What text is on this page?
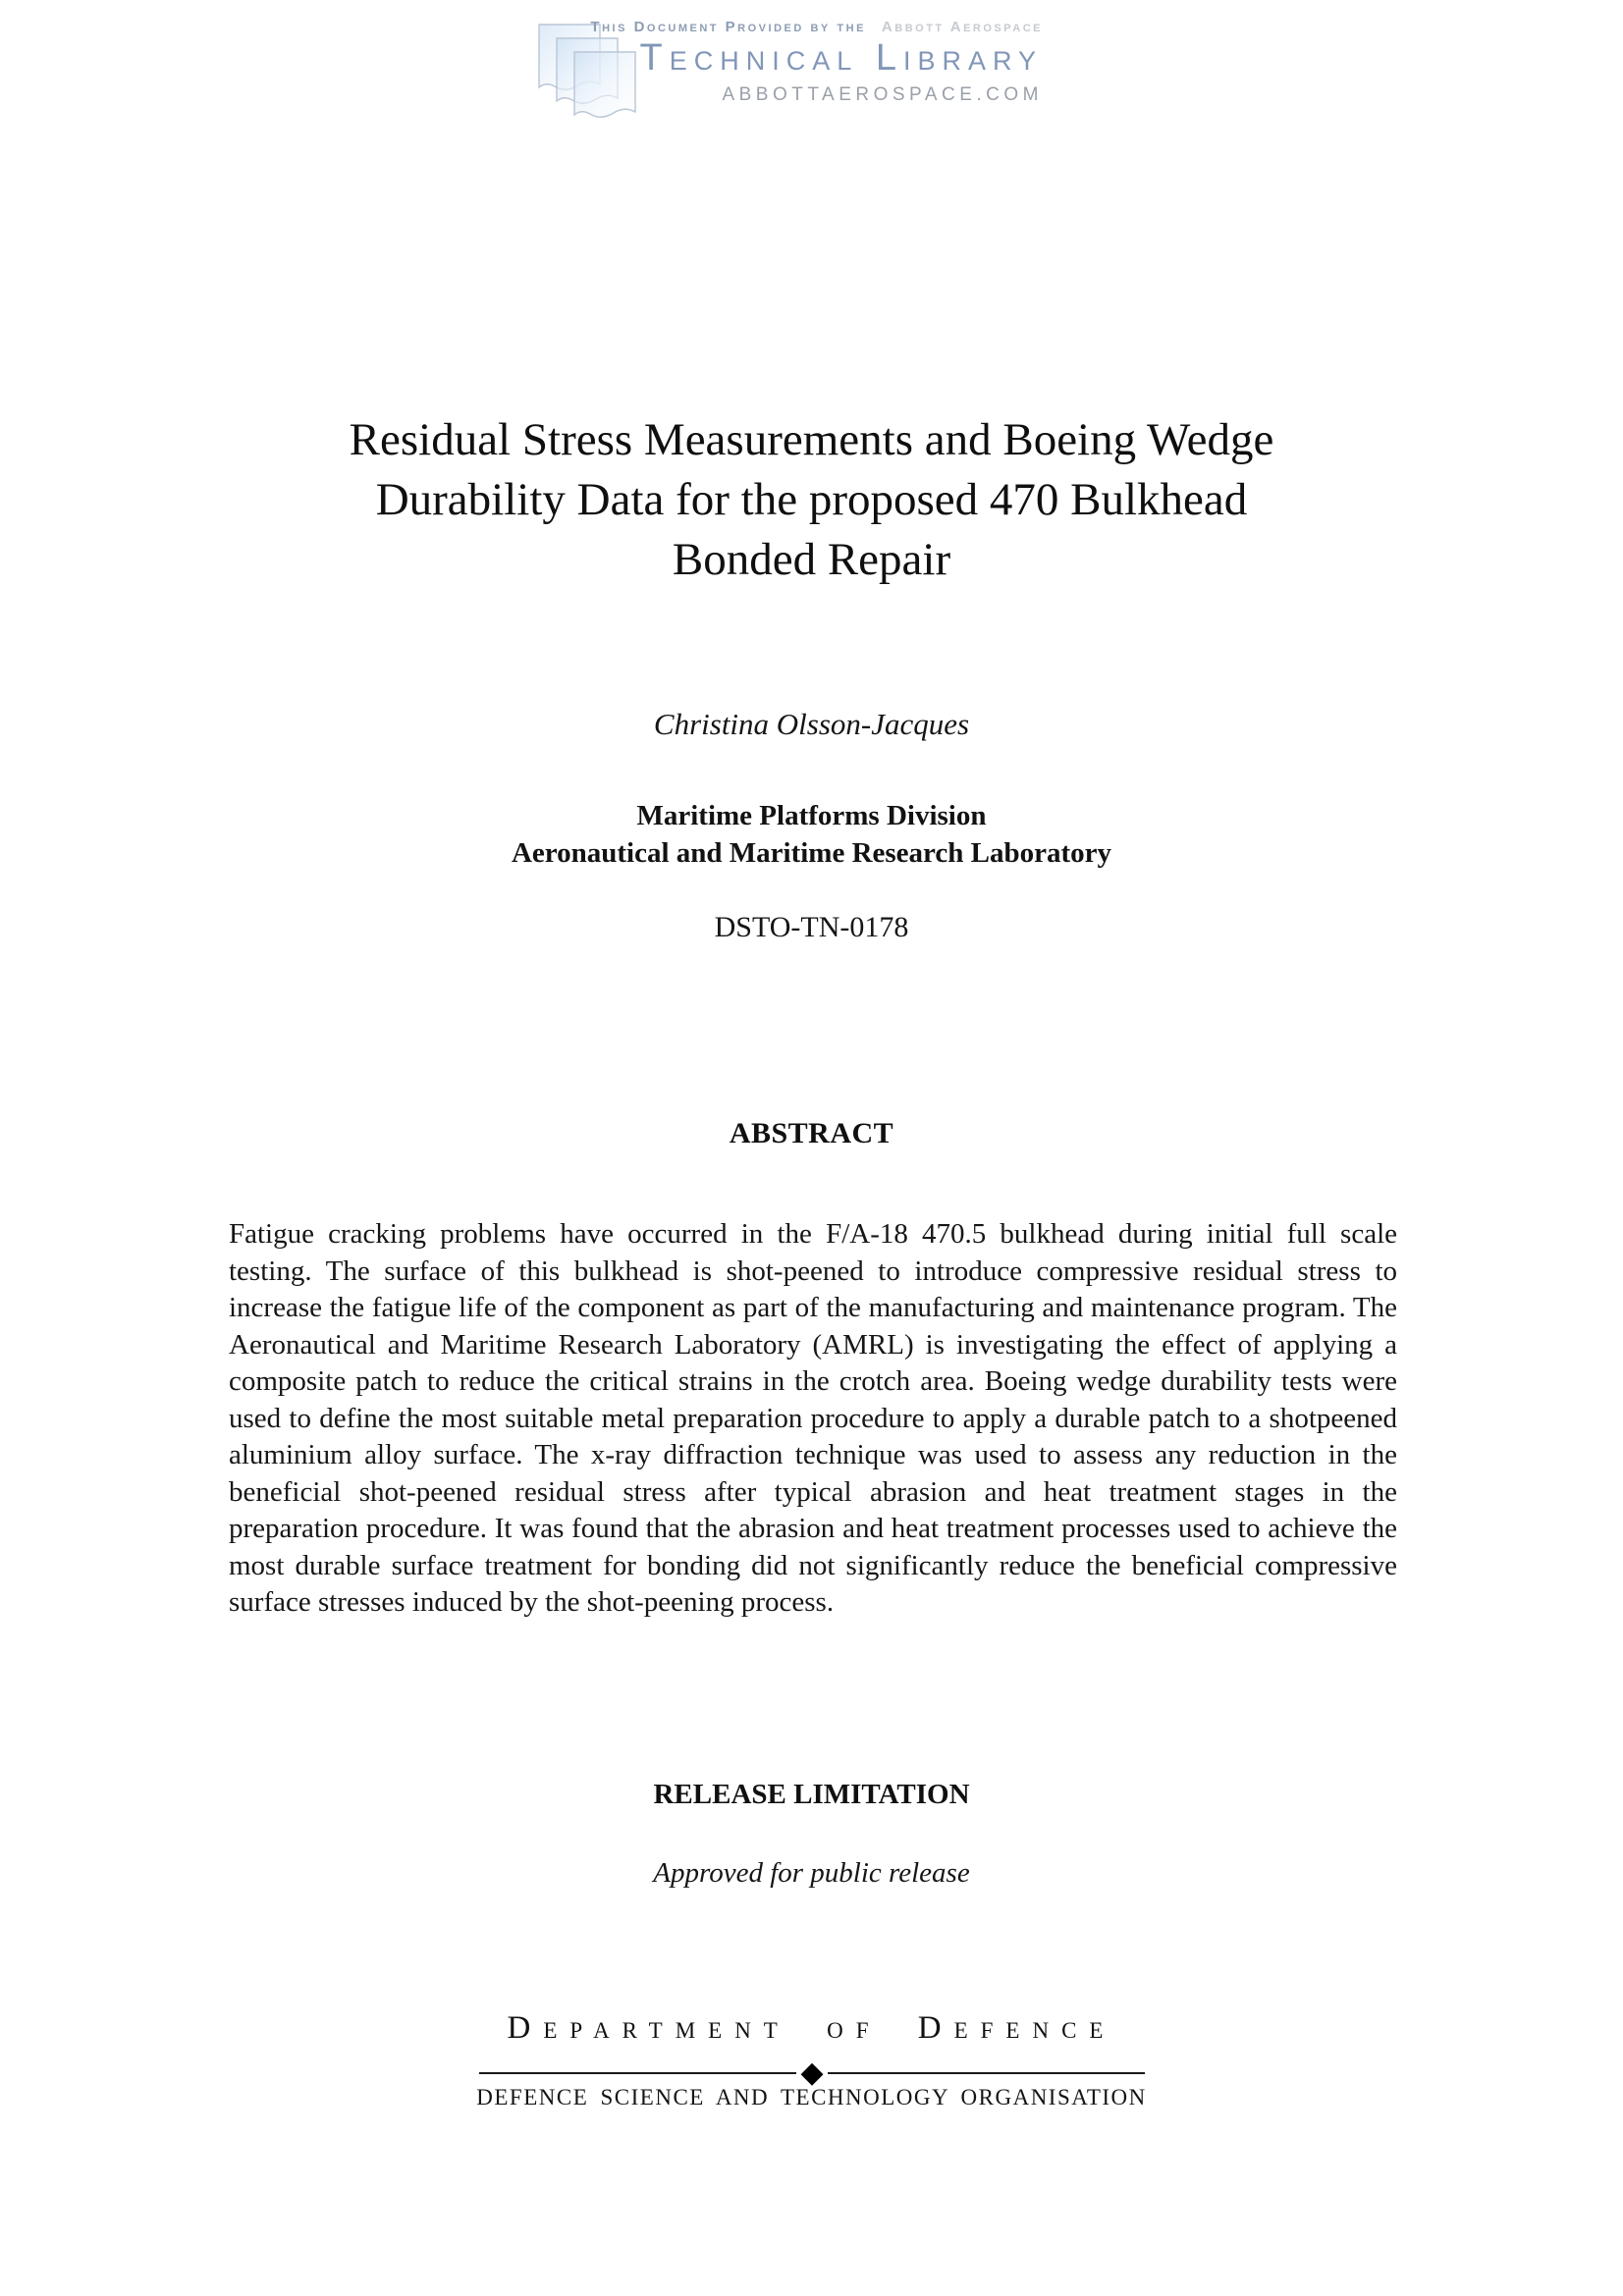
This Document Provided by the Abbott Aerospace
Technical Library
ABBOTTAEROSPACE.COM
Residual Stress Measurements and Boeing Wedge
Durability Data for the proposed 470 Bulkhead
Bonded Repair
Christina Olsson-Jacques
Maritime Platforms Division
Aeronautical and Maritime Research Laboratory
DSTO-TN-0178
ABSTRACT

Fatigue cracking problems have occurred in the F/A-18 470.5 bulkhead during initial full scale testing. The surface of this bulkhead is shot-peened to introduce compressive residual stress to increase the fatigue life of the component as part of the manufacturing and maintenance program. The Aeronautical and Maritime Research Laboratory (AMRL) is investigating the effect of applying a composite patch to reduce the critical strains in the crotch area. Boeing wedge durability tests were used to define the most suitable metal preparation procedure to apply a durable patch to a shotpeened aluminium alloy surface. The x-ray diffraction technique was used to assess any reduction in the beneficial shot-peened residual stress after typical abrasion and heat treatment stages in the preparation procedure. It was found that the abrasion and heat treatment processes used to achieve the most durable surface treatment for bonding did not significantly reduce the beneficial compressive surface stresses induced by the shot-peening process.

RELEASE LIMITATION
Approved for public release
Department of Defence
◆
DEFENCE SCIENCE AND TECHNOLOGY ORGANISATION
